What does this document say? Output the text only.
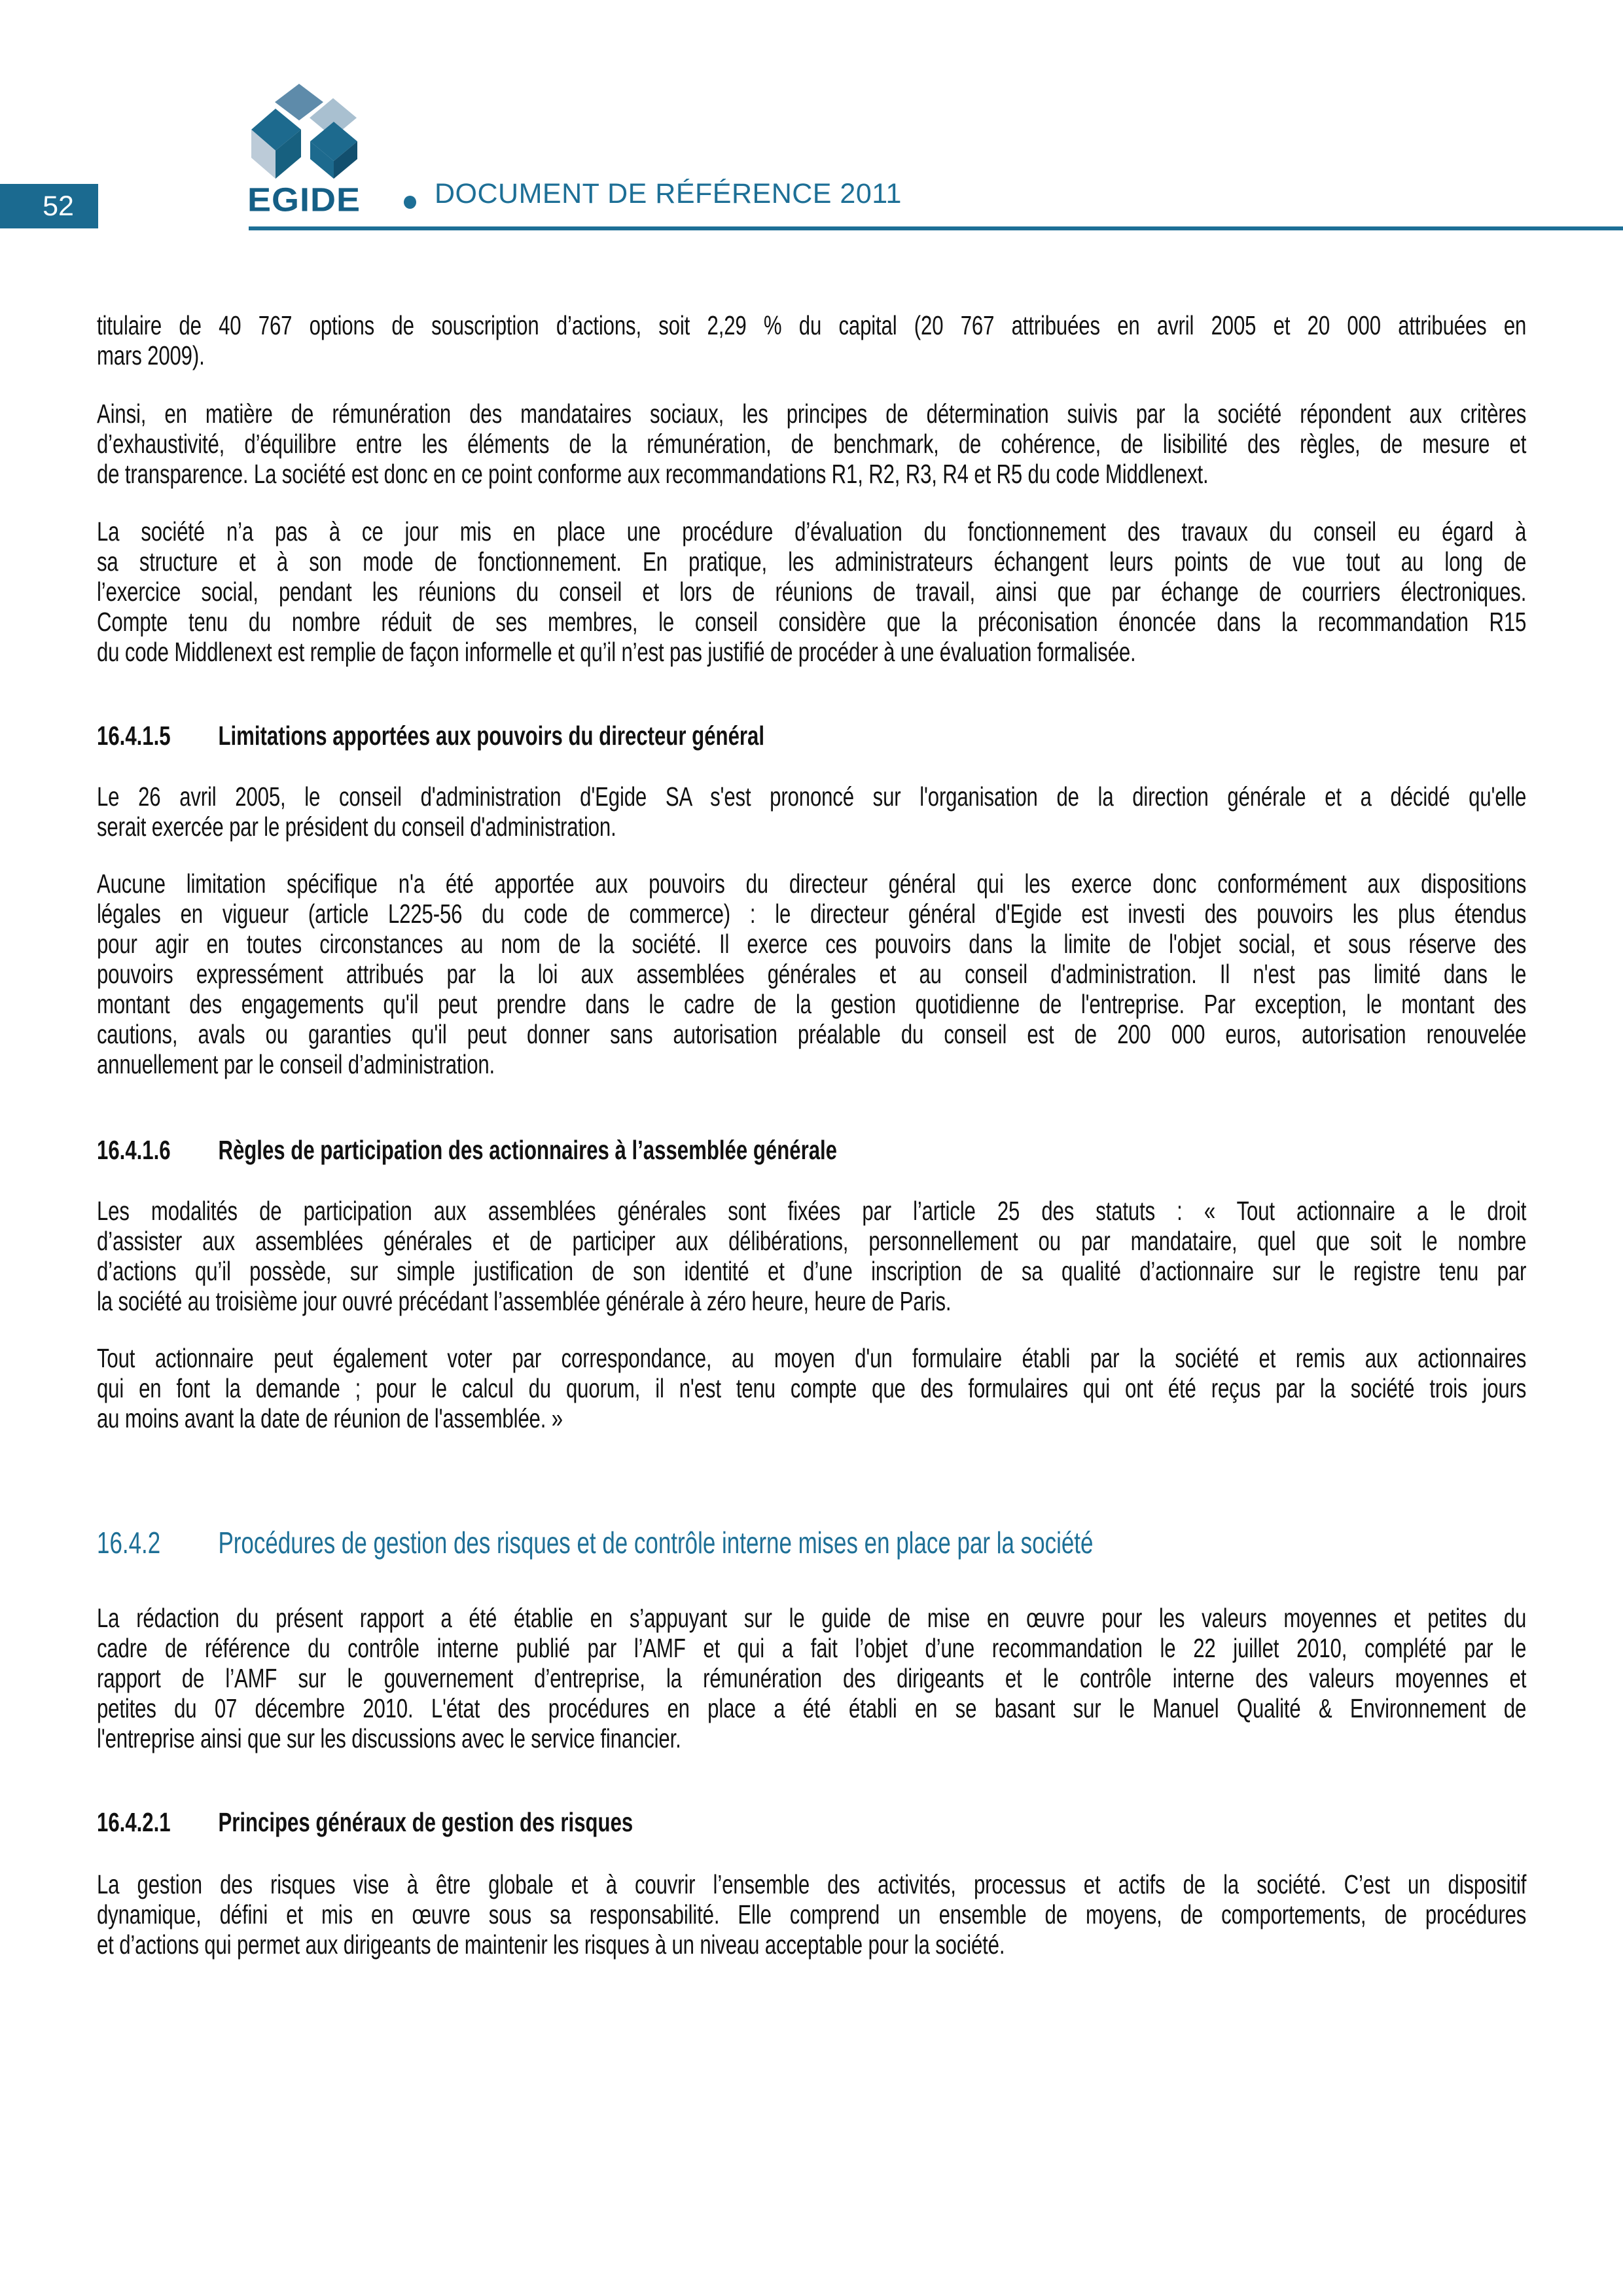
EGIDE	DOCUMENT DE RÉFÉRENCE 2011
52
titulaire de 40 767 options de souscription d’actions, soit 2,29 % du capital (20 767 attribuées en avril 2005 et 20 000 attribuées en
mars 2009).
Ainsi, en matière de rémunération des mandataires sociaux, les principes de détermination suivis par la société répondent aux critères
d’exhaustivité, d’équilibre entre les éléments de la rémunération, de benchmark, de cohérence, de lisibilité des règles, de mesure et
de transparence. La société est donc en ce point conforme aux recommandations R1, R2, R3, R4 et R5 du code Middlenext.
La société n’a pas à ce jour mis en place une procédure d’évaluation du fonctionnement des travaux du conseil eu égard à
sa structure et à son mode de fonctionnement. En pratique, les administrateurs échangent leurs points de vue tout au long de
l’exercice social, pendant les réunions du conseil et lors de réunions de travail, ainsi que par échange de courriers électroniques.
Compte tenu du nombre réduit de ses membres, le conseil considère que la préconisation énoncée dans la recommandation R15
du code Middlenext est remplie de façon informelle et qu’il n’est pas justifié de procéder à une évaluation formalisée.
16.4.1.5 Limitations apportées aux pouvoirs du directeur général
Le 26 avril 2005, le conseil d'administration d'Egide SA s'est prononcé sur l'organisation de la direction générale et a décidé qu'elle
serait exercée par le président du conseil d'administration.
Aucune limitation spécifique n'a été apportée aux pouvoirs du directeur général qui les exerce donc conformément aux dispositions
légales en vigueur (article L225-56 du code de commerce) : le directeur général d'Egide est investi des pouvoirs les plus étendus
pour agir en toutes circonstances au nom de la société. Il exerce ces pouvoirs dans la limite de l'objet social, et sous réserve des
pouvoirs expressément attribués par la loi aux assemblées générales et au conseil d'administration. Il n'est pas limité dans le
montant des engagements qu'il peut prendre dans le cadre de la gestion quotidienne de l'entreprise. Par exception, le montant des
cautions, avals ou garanties qu'il peut donner sans autorisation préalable du conseil est de 200 000 euros, autorisation renouvelée
annuellement par le conseil d’administration.
16.4.1.6 Règles de participation des actionnaires à l’assemblée générale
Les modalités de participation aux assemblées générales sont fixées par l’article 25 des statuts : « Tout actionnaire a le droit
d’assister aux assemblées générales et de participer aux délibérations, personnellement ou par mandataire, quel que soit le nombre
d’actions qu’il possède, sur simple justification de son identité et d’une inscription de sa qualité d’actionnaire sur le registre tenu par
la société au troisième jour ouvré précédant l’assemblée générale à zéro heure, heure de Paris.
Tout actionnaire peut également voter par correspondance, au moyen d'un formulaire établi par la société et remis aux actionnaires
qui en font la demande ; pour le calcul du quorum, il n'est tenu compte que des formulaires qui ont été reçus par la société trois jours
au moins avant la date de réunion de l'assemblée. »
16.4.2 Procédures de gestion des risques et de contrôle interne mises en place par la société
La rédaction du présent rapport a été établie en s’appuyant sur le guide de mise en œuvre pour les valeurs moyennes et petites du
cadre de référence du contrôle interne publié par l’AMF et qui a fait l’objet d’une recommandation le 22 juillet 2010, complété par le
rapport de l’AMF sur le gouvernement d’entreprise, la rémunération des dirigeants et le contrôle interne des valeurs moyennes et
petites du 07 décembre 2010. L'état des procédures en place a été établi en se basant sur le Manuel Qualité & Environnement de
l'entreprise ainsi que sur les discussions avec le service financier.
16.4.2.1 Principes généraux de gestion des risques
La gestion des risques vise à être globale et à couvrir l’ensemble des activités, processus et actifs de la société. C’est un dispositif
dynamique, défini et mis en œuvre sous sa responsabilité. Elle comprend un ensemble de moyens, de comportements, de procédures
et d’actions qui permet aux dirigeants de maintenir les risques à un niveau acceptable pour la société.
